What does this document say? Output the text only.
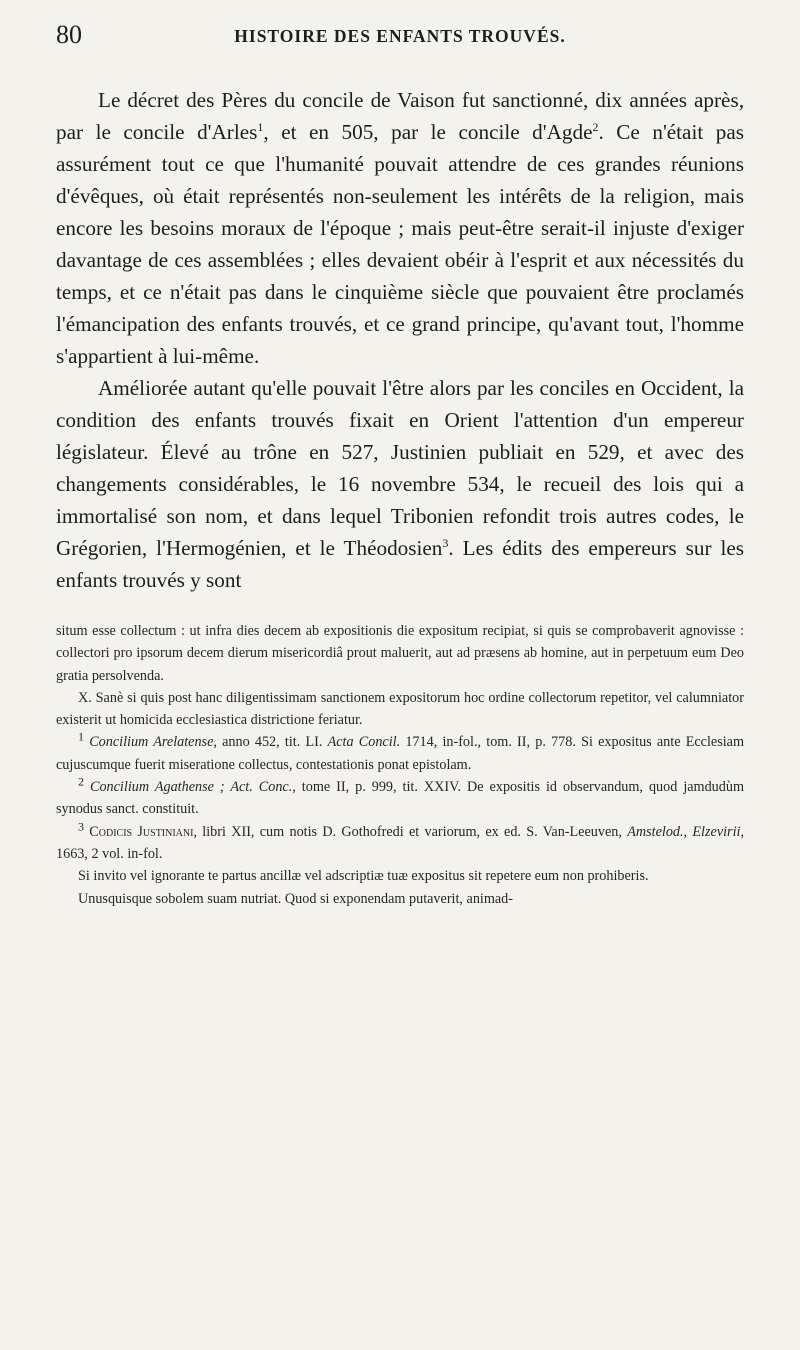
80	HISTOIRE DES ENFANTS TROUVÉS.

Le décret des Pères du concile de Vaison fut sanctionné, dix années après, par le concile d'Arles$^1$, et en 505, par le concile d'Agde$^2$. Ce n'était pas assurément tout ce que l'humanité pouvait attendre de ces grandes réunions d'évêques, où était représentés non-seulement les intérêts de la religion, mais encore les besoins moraux de l'époque ; mais peut-être serait-il injuste d'exiger davantage de ces assemblées ; elles devaient obéir à l'esprit et aux nécessités du temps, et ce n'était pas dans le cinquième siècle que pouvaient être proclamés l'émancipation des enfants trouvés, et ce grand principe, qu'avant tout, l'homme s'appartient à lui-même.

Améliorée autant qu'elle pouvait l'être alors par les conciles en Occident, la condition des enfants trouvés fixait en Orient l'attention d'un empereur législateur. Élevé au trône en 527, Justinien publiait en 529, et avec des changements considérables, le 16 novembre 534, le recueil des lois qui a immortalisé son nom, et dans lequel Tribonien refondit trois autres codes, le Grégorien, l'Hermogénien, et le Théodosien$^3$. Les édits des empereurs sur les enfants trouvés y sont

situm esse collectum : ut infra dies decem ab expositionis die expositum recipiat, si quis se comprobaverit agnovisse : collectori pro ipsorum decem dierum misericordiâ prout maluerit, aut ad præsens ab homine, aut in perpetuum eum Deo gratia persolvenda.

X. Sanè si quis post hanc diligentissimam sanctionem expositorum hoc ordine collectorum repetitor, vel calumniator existerit ut homicida ecclesiastica districtione feriatur.

$^1$ Concilium Arelatense, anno 452, tit. LI. Acta Concil. 1714, in-fol., tom. II, p. 778. Si expositus ante Ecclesiam cujuscumque fuerit miseratione collectus, contestationis ponat epistolam.

$^2$ Concilium Agathense ; Act. Conc., tome II, p. 999, tit. XXIV. De expositis id observandum, quod jamdudùm synodus sanct. constituit.

$^3$ Codicis Justiniani, libri XII, cum notis D. Gothofredi et variorum, ex ed. S. Van-Leeuven, Amstelod., Elzevirii, 1663, 2 vol. in-fol.

Si invito vel ignorante te partus ancillæ vel adscriptiæ tuæ expositus sit repetere eum non prohiberis.

Unusquisque sobolem suam nutriat. Quod si exponendam putaverit, animad-
